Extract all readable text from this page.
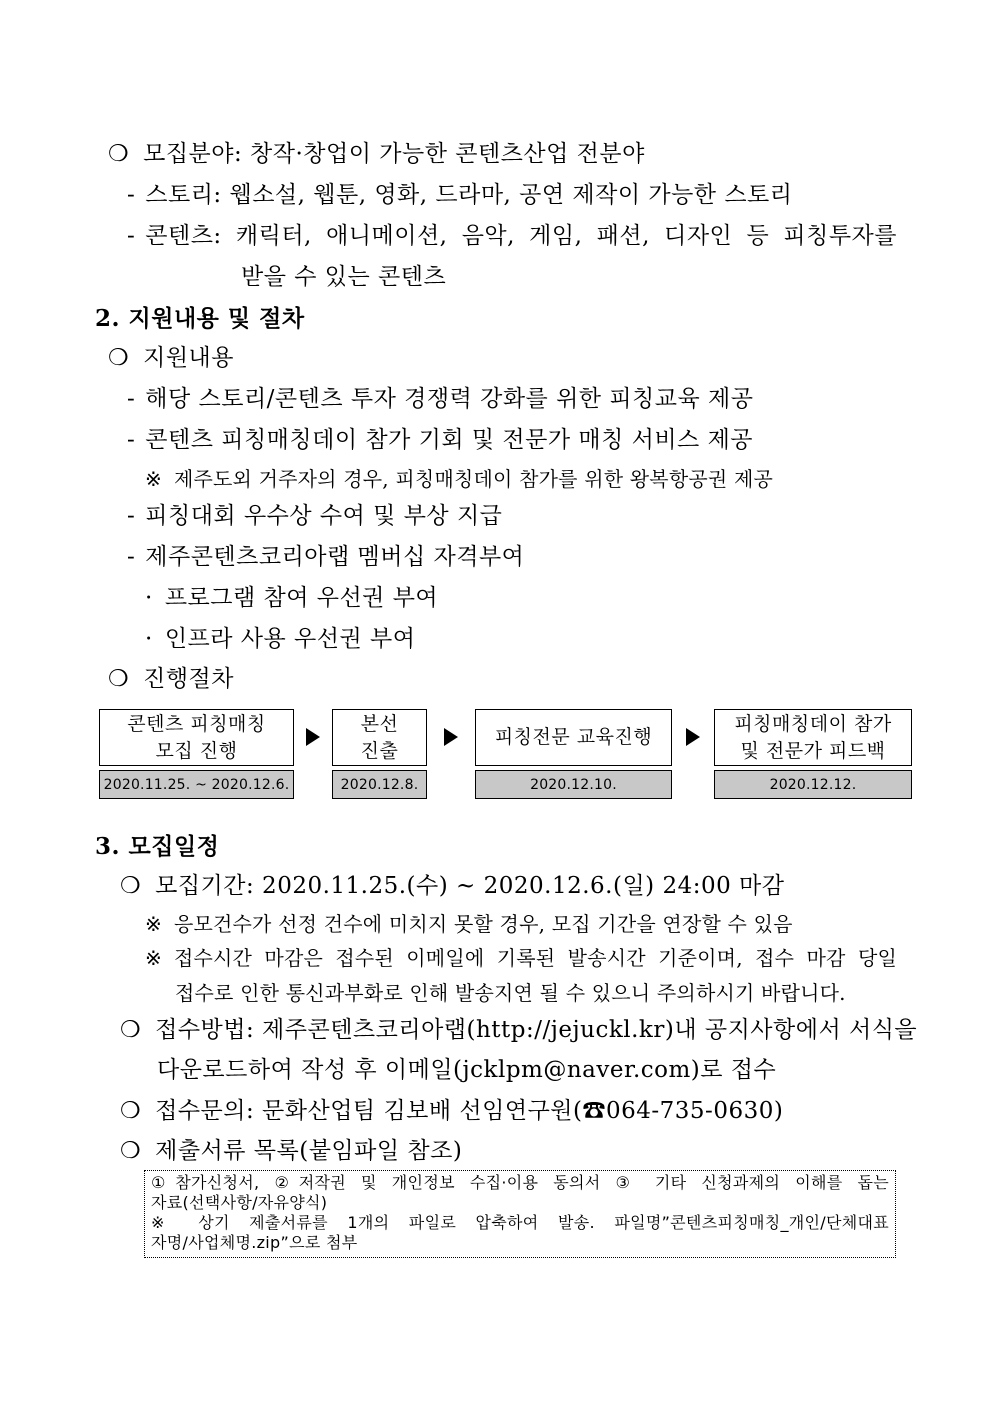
❍ 모집분야: 창작·창업이 가능한 콘텐츠산업 전분야
- 스토리: 웹소설, 웹툰, 영화, 드라마, 공연 제작이 가능한 스토리
- 콘텐츠: 캐릭터, 애니메이션, 음악, 게임, 패션, 디자인 등 피칭투자를
받을 수 있는 콘텐츠
2. 지원내용 및 절차
❍ 지원내용
- 해당 스토리/콘텐츠 투자 경쟁력 강화를 위한 피칭교육 제공
- 콘텐츠 피칭매칭데이 참가 기회 및 전문가 매칭 서비스 제공
※ 제주도외 거주자의 경우, 피칭매칭데이 참가를 위한 왕복항공권 제공
- 피칭대회 우수상 수여 및 부상 지급
- 제주콘텐츠코리아랩 멤버십 자격부여
· 프로그램 참여 우선권 부여
· 인프라 사용 우선권 부여
❍ 진행절차
콘텐츠 피칭매칭
모집 진행
2020.11.25. ~ 2020.12.6.
본선
진출
2020.12.8.
피칭전문 교육진행
2020.12.10.
피칭매칭데이 참가
및 전문가 피드백
2020.12.12.
3. 모집일정
❍ 모집기간: 2020.11.25.(수) ~ 2020.12.6.(일) 24:00 마감
※ 응모건수가 선정 건수에 미치지 못할 경우, 모집 기간을 연장할 수 있음
※ 접수시간 마감은 접수된 이메일에 기록된 발송시간 기준이며, 접수 마감 당일
접수로 인한 통신과부화로 인해 발송지연 될 수 있으니 주의하시기 바랍니다.
❍ 접수방법: 제주콘텐츠코리아랩(http://jejuckl.kr)내 공지사항에서 서식을
다운로드하여 작성 후 이메일(jcklpm@naver.com)로 접수
❍ 접수문의: 문화산업팀 김보배 선임연구원(☎064-735-0630)
❍ 제출서류 목록(붙임파일 참조)
①참가신청서, ②저작권 및 개인정보 수집·이용 동의서 ③ 기타 신청과제의 이해를 돕는
자료(선택사항/자유양식)
※ 상기 제출서류를 1개의 파일로 압축하여 발송. 파일명”콘텐츠피칭매칭_개인/단체대표
자명/사업체명.zip”으로 첨부
